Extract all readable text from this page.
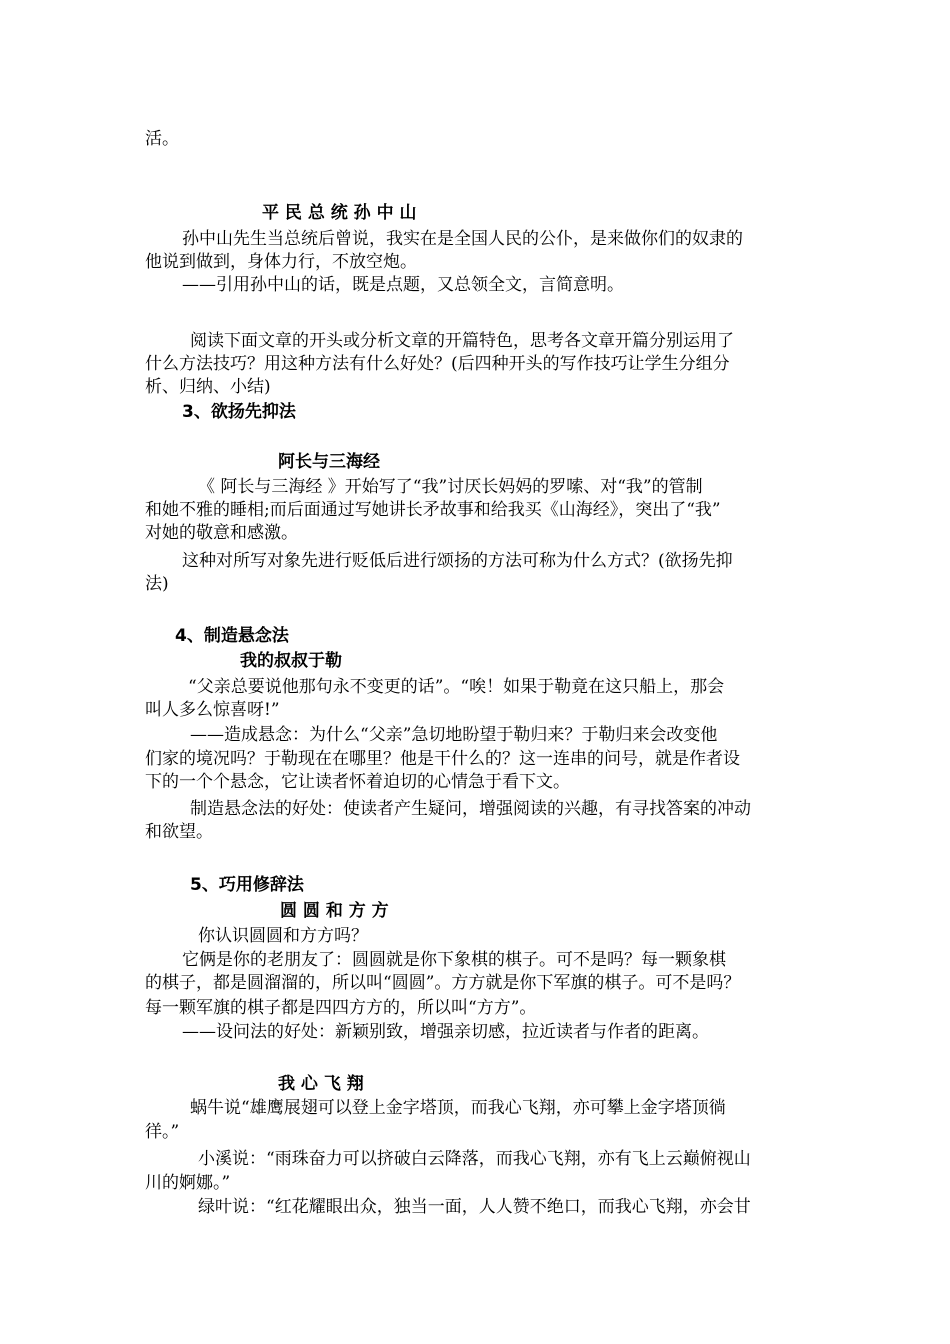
活。
平 民 总 统 孙 中 山
孙中山先生当总统后曾说，我实在是全国人民的公仆，是来做你们的奴隶的
他说到做到，身体力行，不放空炮。
——引用孙中山的话，既是点题，又总领全文，言简意明。
阅读下面文章的开头或分析文章的开篇特色，思考各文章开篇分别运用了
什么方法技巧？用这种方法有什么好处？(后四种开头的写作技巧让学生分组分
析、归纳、小结)
3、欲扬先抑法
阿长与三海经
《 阿长与三海经 》开始写了“我”讨厌长妈妈的罗嗦、对“我”的管制
和她不雅的睡相;而后面通过写她讲长矛故事和给我买《山海经》，突出了“我”
对她的敬意和感激。
这种对所写对象先进行贬低后进行颂扬的方法可称为什么方式？(欲扬先抑
法)
4、制造悬念法
我的叔叔于勒
“父亲总要说他那句永不变更的话”。“唉！如果于勒竟在这只船上，那会
叫人多么惊喜呀!”
——造成悬念：为什么“父亲”急切地盼望于勒归来？于勒归来会改变他
们家的境况吗？于勒现在在哪里？他是干什么的？这一连串的问号，就是作者设
下的一个个悬念，它让读者怀着迫切的心情急于看下文。
制造悬念法的好处：使读者产生疑问，增强阅读的兴趣，有寻找答案的冲动
和欲望。
5、巧用修辞法
圆 圆 和 方 方
你认识圆圆和方方吗？
它俩是你的老朋友了：圆圆就是你下象棋的棋子。可不是吗？每一颗象棋
的棋子，都是圆溜溜的，所以叫“圆圆”。方方就是你下军旗的棋子。可不是吗？
每一颗军旗的棋子都是四四方方的，所以叫“方方”。
——设问法的好处：新颖别致，增强亲切感，拉近读者与作者的距离。
我 心 飞 翔
蜗牛说“雄鹰展翅可以登上金字塔顶，而我心飞翔，亦可攀上金字塔顶徜
徉。”
小溪说：“雨珠奋力可以挤破白云降落，而我心飞翔，亦有飞上云巅俯视山
川的婀娜。”
绿叶说：“红花耀眼出众，独当一面，人人赞不绝口，而我心飞翔，亦会甘
